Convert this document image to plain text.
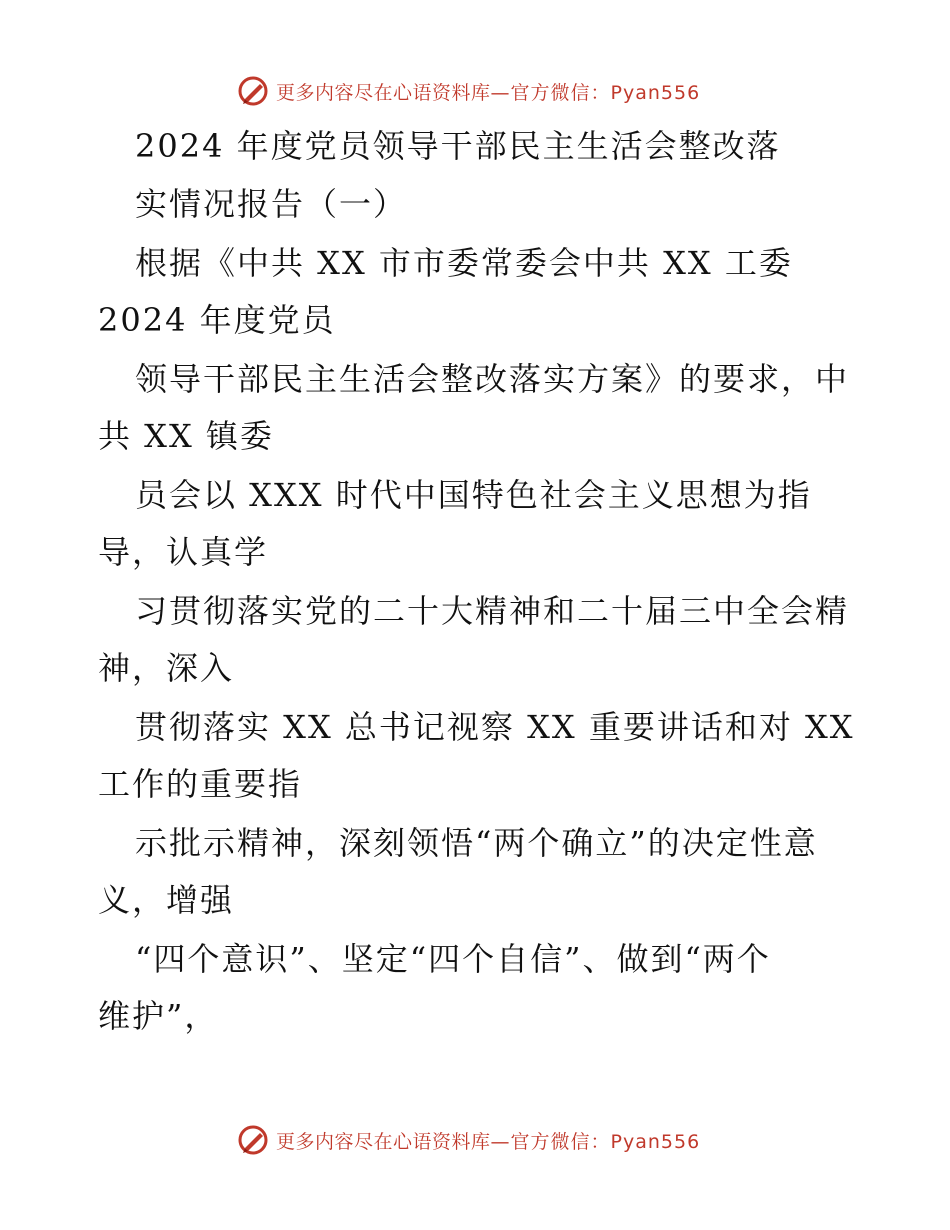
更多内容尽在心语资料库 —官方微信：Pyan556
2024 年度党员领导干部民主生活会整改落
实情况报告（一）
根据《中共 XX 市市委常委会中共 XX 工委
2024 年度党员
领导干部民主生活会整改落实方案》的要求，中
共 XX 镇委
员会以 XXX 时代中国特色社会主义思想为指
导，认真学
习贯彻落实党的二十大精神和二十届三中全会精
神，深入
贯彻落实 XX 总书记视察 XX 重要讲话和对 XX
工作的重要指
示批示精神，深刻领悟“两个确立”的决定性意
义，增强
“四个意识”、坚定“四个自信”、做到“两个
维护”，
更多内容尽在心语资料库 —官方微信：Pyan556
